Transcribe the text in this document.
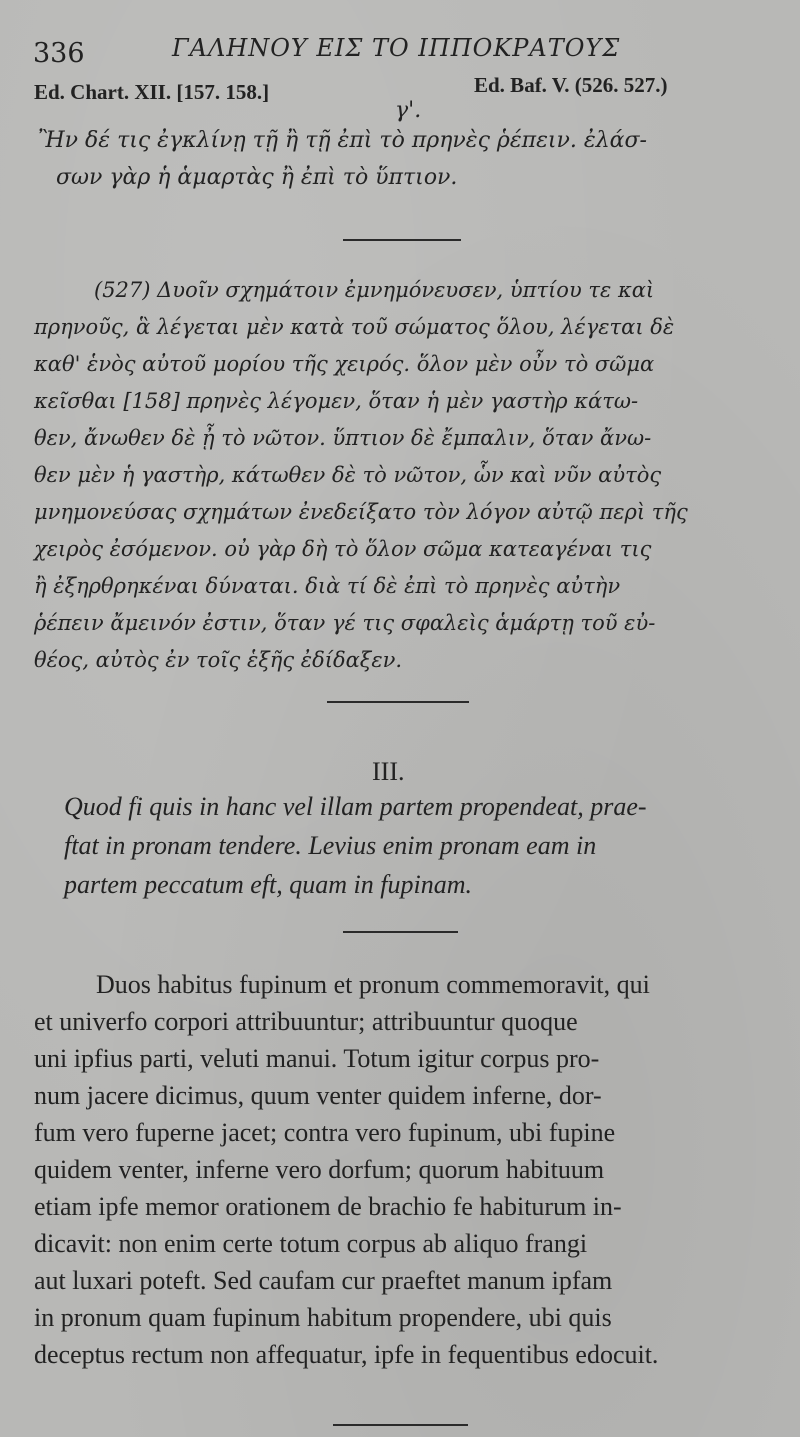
336	ΓΑΛΗΝΟΥ ΕΙΣ ΤΟ ΙΠΠΟΚΡΑΤΟΥΣ
Ed. Chart. XII. [157. 158.]	Ed. Baf. V. (526. 527.)
γ'.
Ἢν δέ τις ἐγκλίνῃ τῇ ἢ τῇ ἐπὶ τὸ πρηνὲς ῥέπειν. ἐλάσ-
σων γὰρ ἡ ἁμαρτὰς ἢ ἐπὶ τὸ ὕπτιον.
(527) Δυοῖν σχημάτοιν ἐμνημόνευσεν, ὑπτίου τε καὶ
πρηνοῦς, ἃ λέγεται μὲν κατὰ τοῦ σώματος ὅλου, λέγεται δὲ
καθ' ἑνὸς αὐτοῦ μορίου τῆς χειρός. ὅλον μὲν οὖν τὸ σῶμα
κεῖσθαι [158] πρηνὲς λέγομεν, ὅταν ἡ μὲν γαστὴρ κάτω-
θεν, ἄνωθεν δὲ ᾖ τὸ νῶτον. ὕπτιον δὲ ἔμπαλιν, ὅταν ἄνω-
θεν μὲν ἡ γαστὴρ, κάτωθεν δὲ τὸ νῶτον, ὧν καὶ νῦν αὐτὸς
μνημονεύσας σχημάτων ἐνεδείξατο τὸν λόγον αὐτῷ περὶ τῆς
χειρὸς ἐσόμενον. οὐ γὰρ δὴ τὸ ὅλον σῶμα κατεαγέναι τις
ἢ ἐξηρθρηκέναι δύναται. διὰ τί δὲ ἐπὶ τὸ πρηνὲς αὐτὴν
ῥέπειν ἄμεινόν ἐστιν, ὅταν γέ τις σφαλεὶς ἁμάρτῃ τοῦ εὐ-
θέος, αὐτὸς ἐν τοῖς ἑξῆς ἐδίδαξεν.
III.
Quod fi quis in hanc vel illam partem propendeat, prae-
ftat in pronam tendere. Levius enim pronam eam in
partem peccatum eft, quam in fupinam.
Duos habitus fupinum et pronum commemoravit, qui
et univerfo corpori attribuuntur; attribuuntur quoque
uni ipfius parti, veluti manui. Totum igitur corpus pro-
num jacere dicimus, quum venter quidem inferne, dor-
fum vero fuperne jacet; contra vero fupinum, ubi fupine
quidem venter, inferne vero dorfum; quorum habituum
etiam ipfe memor orationem de brachio fe habiturum in-
dicavit: non enim certe totum corpus ab aliquo frangi
aut luxari poteft. Sed caufam cur praeftet manum ipfam
in pronum quam fupinum habitum propendere, ubi quis
deceptus rectum non affequatur, ipfe in fequentibus edocuit.
